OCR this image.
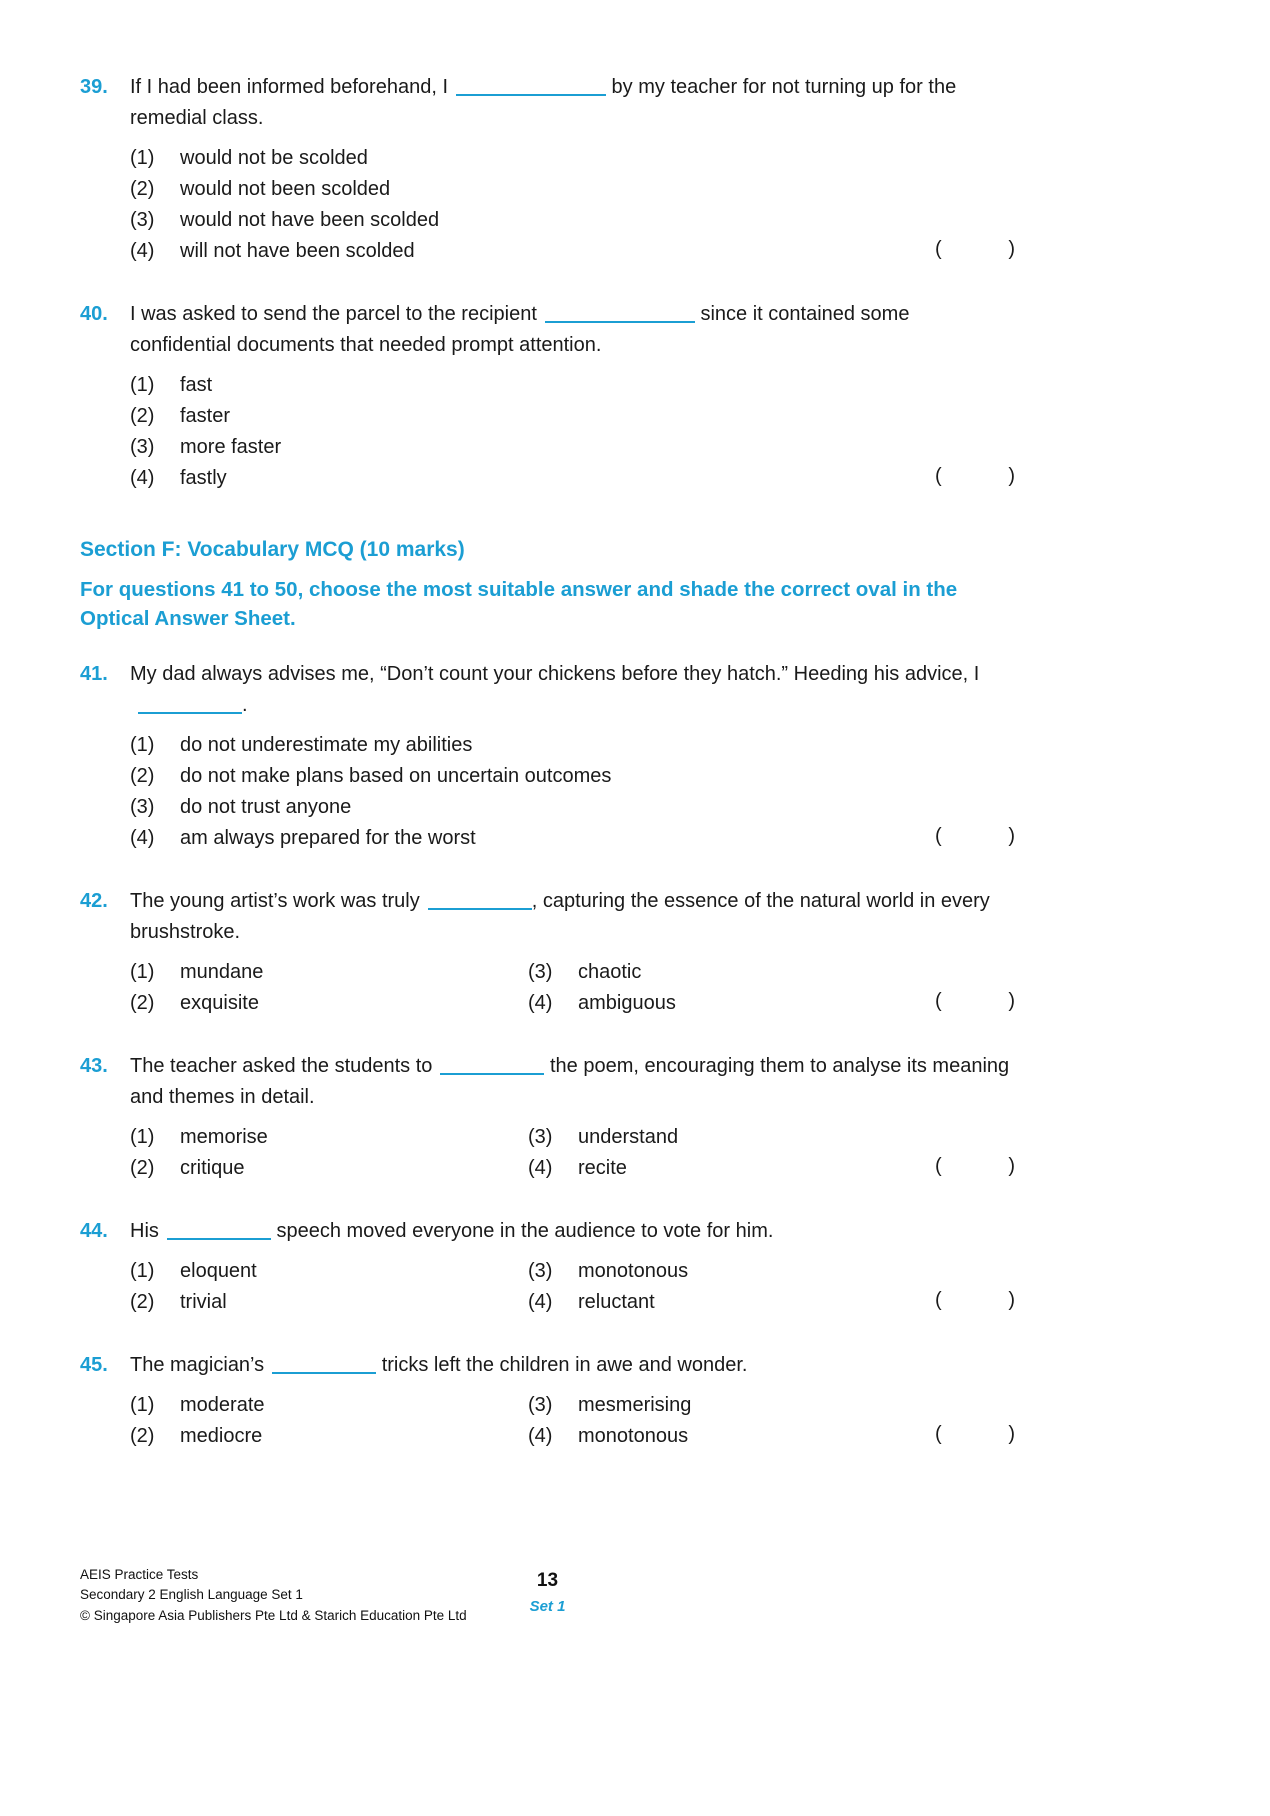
39.	If I had been informed beforehand, I	by my teacher for not turning up for the remedial class.

(1)	would not be scolded
(2)	would not been scolded
(3)	would not have been scolded
(4)	will not have been scolded	(	)
40.	I was asked to send the parcel to the recipient	since it contained some confidential documents that needed prompt attention.

(1)	fast
(2)	faster
(3)	more faster
(4)	fastly	(	)
Section F: Vocabulary MCQ (10 marks)
For questions 41 to 50, choose the most suitable answer and shade the correct oval in the Optical Answer Sheet.
41.	My dad always advises me, “Don’t count your chickens before they hatch.” Heeding his advice, I.

(1)	do not underestimate my abilities
(2)	do not make plans based on uncertain outcomes
(3)	do not trust anyone
(4)	am always prepared for the worst	(	)
42.	The young artist’s work was truly	, capturing the essence of the natural world in every brushstroke.

(1)	mundane	(3)	chaotic
(2)	exquisite	(4)	ambiguous	(	)
43.	The teacher asked the students to	the poem, encouraging them to analyse its meaning and themes in detail.

(1)	memorise	(3)	understand
(2)	critique	(4)	recite	(	)
44.	His	speech moved everyone in the audience to vote for him.

(1)	eloquent	(3)	monotonous
(2)	trivial	(4)	reluctant	(	)
45.	The magician’s	tricks left the children in awe and wonder.

(1)	moderate	(3)	mesmerising
(2)	mediocre	(4)	monotonous	(	)
AEIS Practice Tests
Secondary 2 English Language Set 1
© Singapore Asia Publishers Pte Ltd & Starich Education Pte Ltd
13
Set 1
